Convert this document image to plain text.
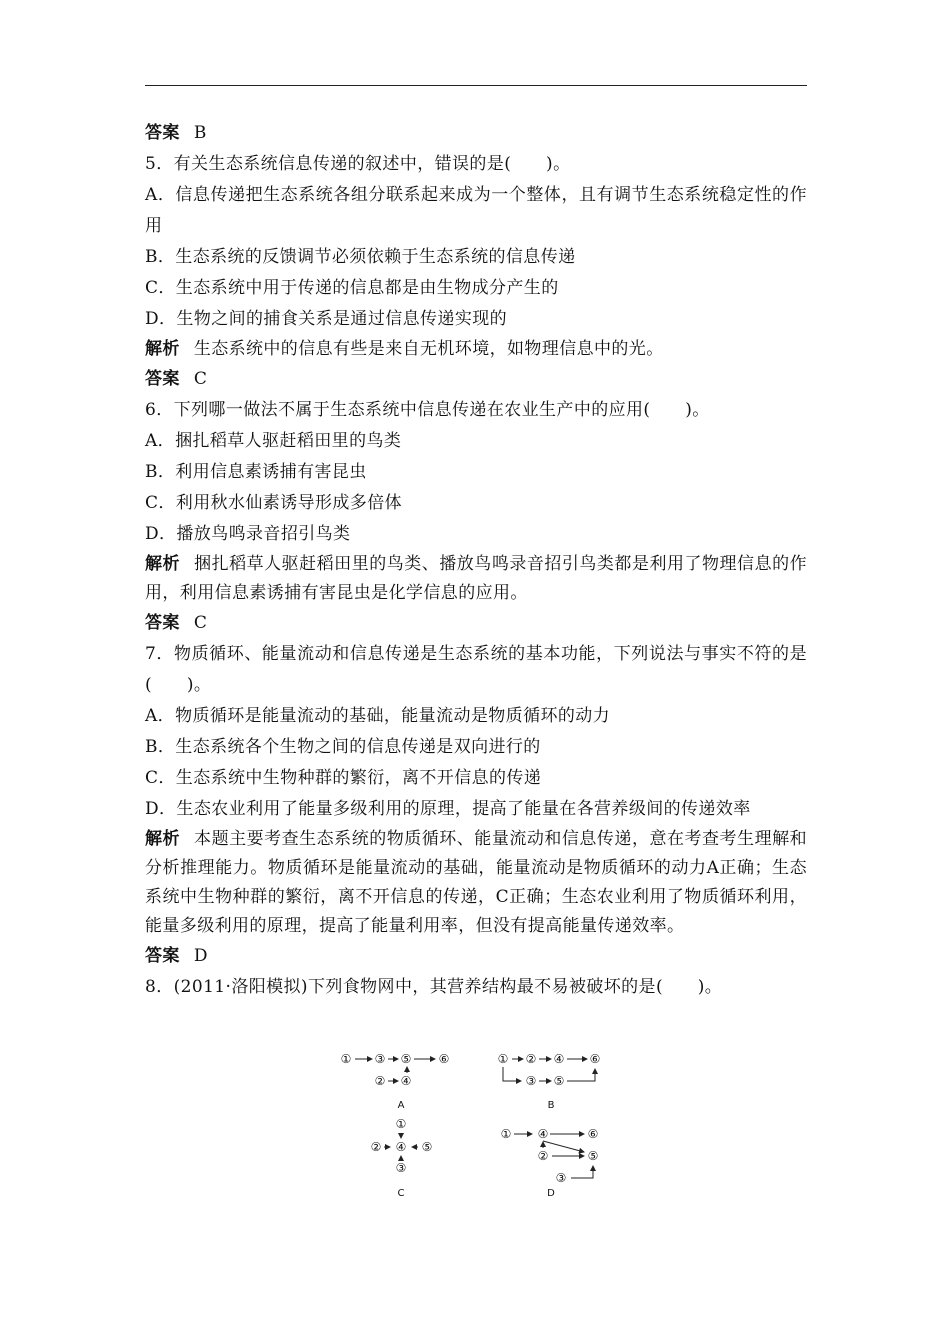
答案 B
5．有关生态系统信息传递的叙述中，错误的是(　　)。
A．信息传递把生态系统各组分联系起来成为一个整体，且有调节生态系统稳定性的作用
B．生态系统的反馈调节必须依赖于生态系统的信息传递
C．生态系统中用于传递的信息都是由生物成分产生的
D．生物之间的捕食关系是通过信息传递实现的
解析 生态系统中的信息有些是来自无机环境，如物理信息中的光。
答案 C
6．下列哪一做法不属于生态系统中信息传递在农业生产中的应用(　　)。
A．捆扎稻草人驱赶稻田里的鸟类
B．利用信息素诱捕有害昆虫
C．利用秋水仙素诱导形成多倍体
D．播放鸟鸣录音招引鸟类
解析 捆扎稻草人驱赶稻田里的鸟类、播放鸟鸣录音招引鸟类都是利用了物理信息的作用，利用信息素诱捕有害昆虫是化学信息的应用。
答案 C
7．物质循环、能量流动和信息传递是生态系统的基本功能，下列说法与事实不符的是(　　)。
A．物质循环是能量流动的基础，能量流动是物质循环的动力
B．生态系统各个生物之间的信息传递是双向进行的
C．生态系统中生物种群的繁衍，离不开信息的传递
D．生态农业利用了能量多级利用的原理，提高了能量在各营养级间的传递效率
解析 本题主要考查生态系统的物质循环、能量流动和信息传递，意在考查考生理解和分析推理能力。物质循环是能量流动的基础，能量流动是物质循环的动力A正确；生态系统中生物种群的繁衍，离不开信息的传递，C正确；生态农业利用了物质循环利用，能量多级利用的原理，提高了能量利用率，但没有提高能量传递效率。
答案 D
8．(2011·洛阳模拟)下列食物网中，其营养结构最不易被破坏的是(　　)。
① ③ ⑤ ⑥
② ④
① ② ④ ⑥
③ ⑤
①
② ④ ⑤
③
① ④	⑥
②	⑤
③
A	B
C	D
